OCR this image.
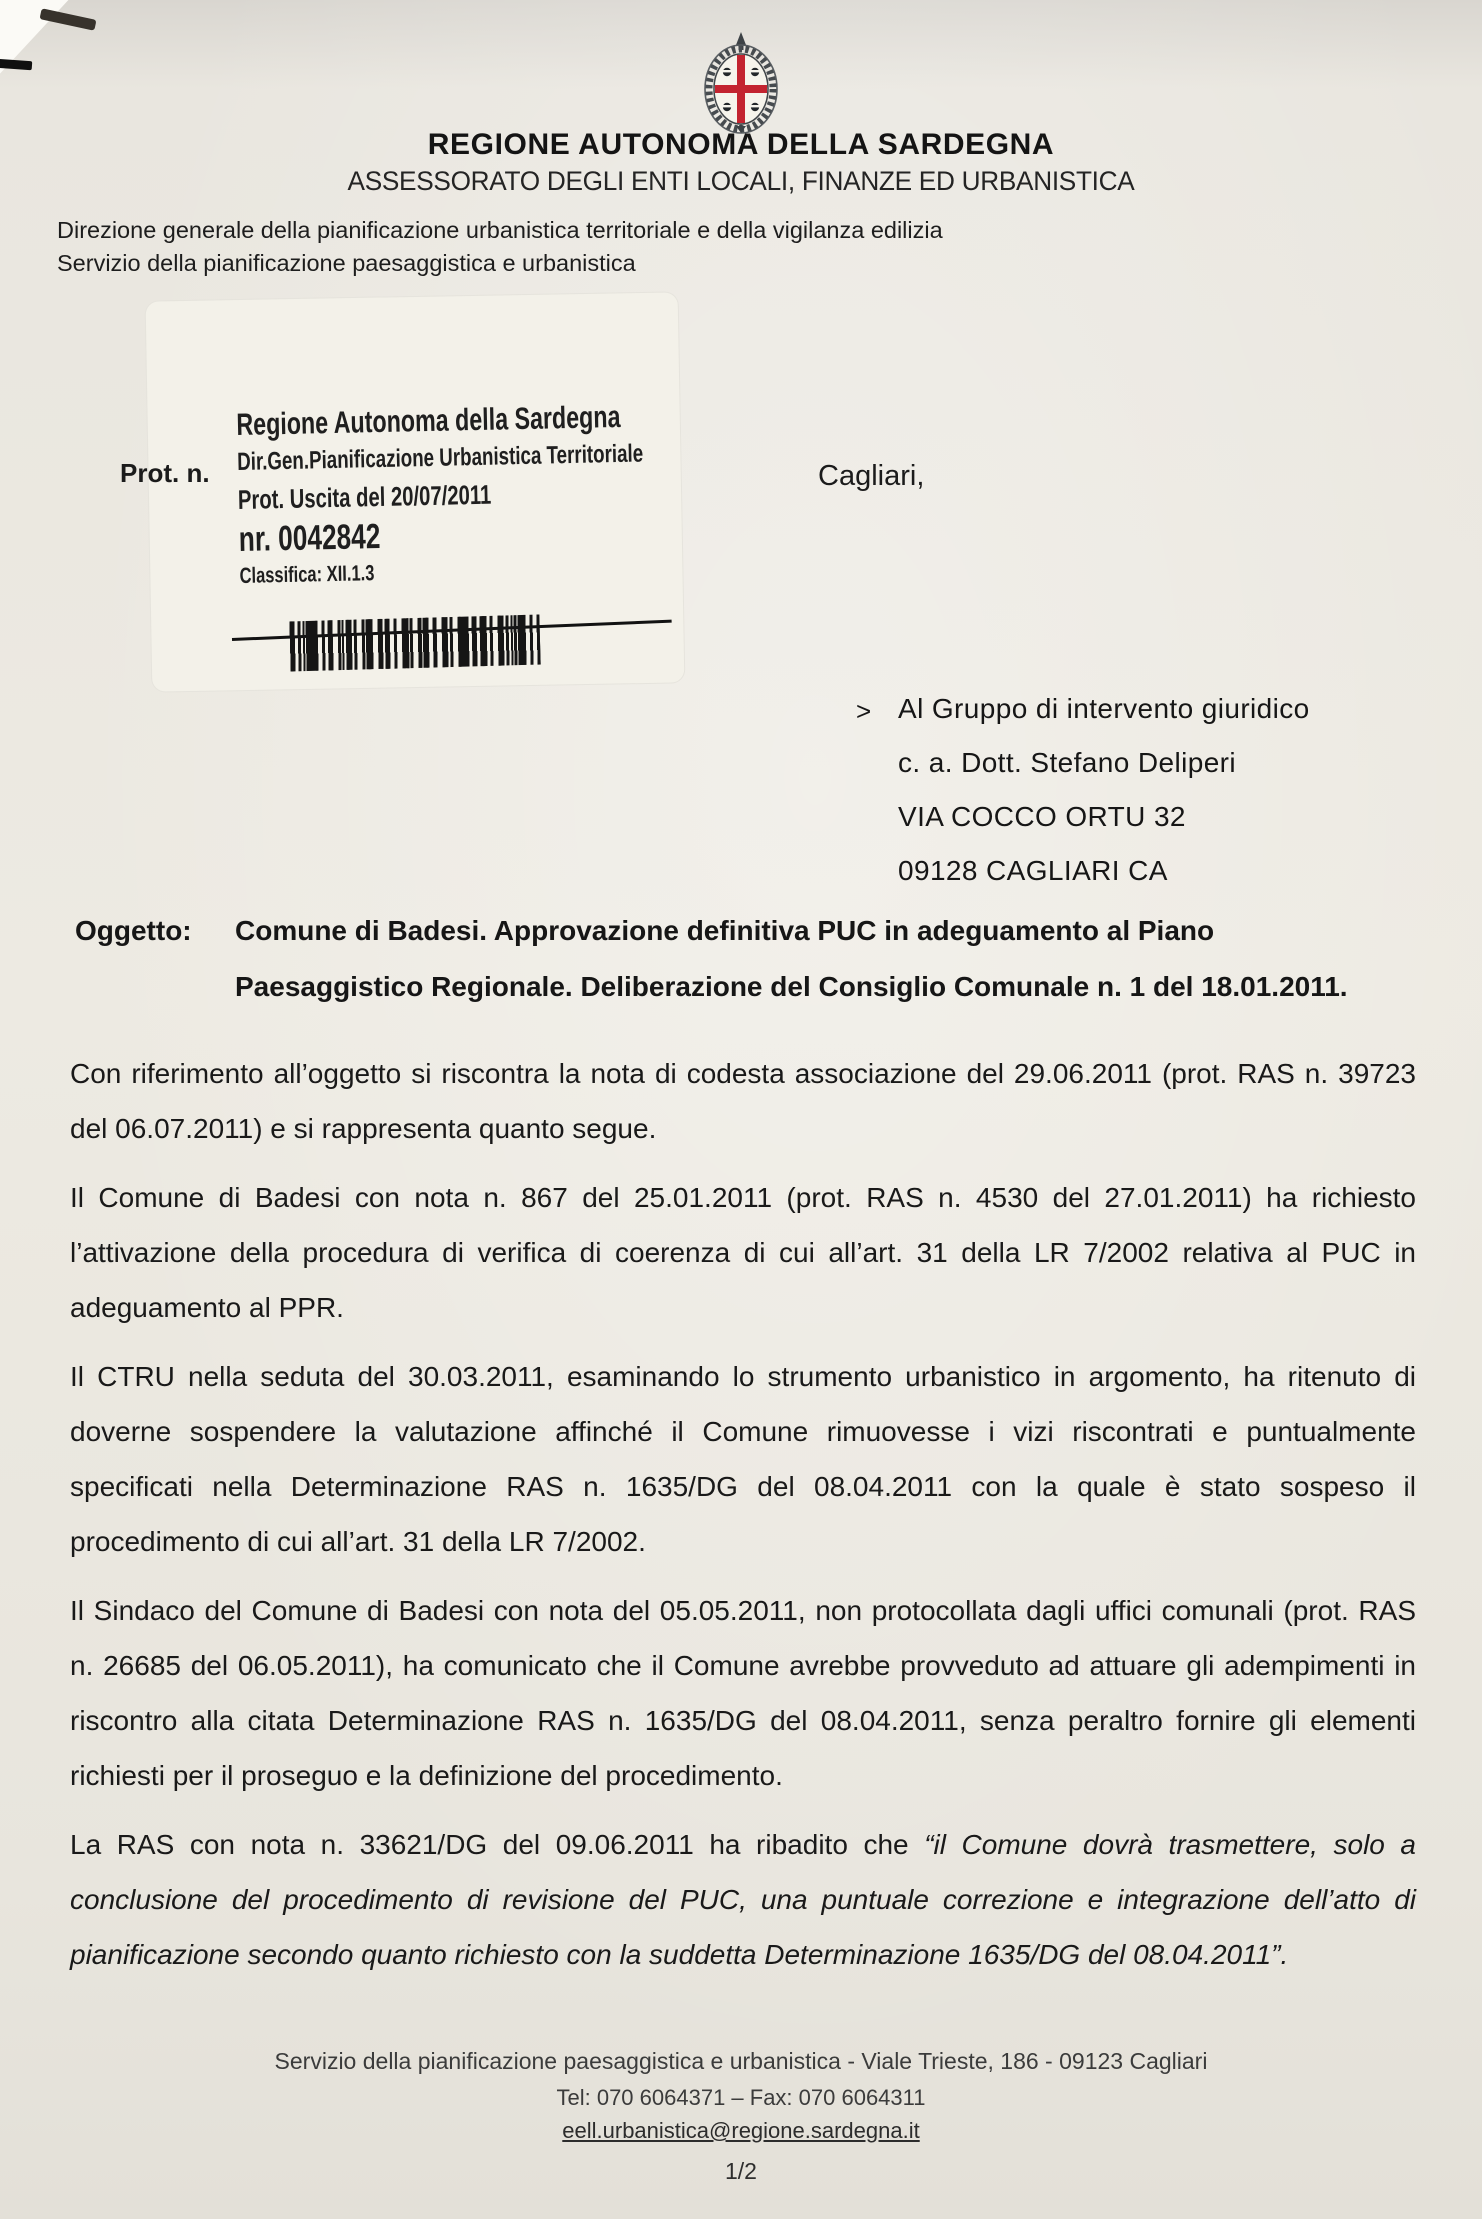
REGIONE AUTONOMA DELLA SARDEGNA
ASSESSORATO DEGLI ENTI LOCALI, FINANZE ED URBANISTICA
Direzione generale della pianificazione urbanistica territoriale e della vigilanza edilizia
Servizio della pianificazione paesaggistica e urbanistica
Prot. n.
Regione Autonoma della Sardegna
Dir.Gen.Pianificazione Urbanistica Territoriale
Prot. Uscita del 20/07/2011
nr. 0042842
Classifica: XII.1.3
Cagliari,
> Al Gruppo di intervento giuridico
c. a. Dott. Stefano Deliperi
VIA COCCO ORTU 32
09128 CAGLIARI CA
Oggetto: Comune di Badesi. Approvazione definitiva PUC in adeguamento al Piano Paesaggistico Regionale. Deliberazione del Consiglio Comunale n. 1 del 18.01.2011.

Con riferimento all’oggetto si riscontra la nota di codesta associazione del 29.06.2011 (prot. RAS n. 39723 del 06.07.2011) e si rappresenta quanto segue.

Il Comune di Badesi con nota n. 867 del 25.01.2011 (prot. RAS n. 4530 del 27.01.2011) ha richiesto l’attivazione della procedura di verifica di coerenza di cui all’art. 31 della LR 7/2002 relativa al PUC in adeguamento al PPR.

Il CTRU nella seduta del 30.03.2011, esaminando lo strumento urbanistico in argomento, ha ritenuto di doverne sospendere la valutazione affinché il Comune rimuovesse i vizi riscontrati e puntualmente specificati nella Determinazione RAS n. 1635/DG del 08.04.2011 con la quale è stato sospeso il procedimento di cui all’art. 31 della LR 7/2002.

Il Sindaco del Comune di Badesi con nota del 05.05.2011, non protocollata dagli uffici comunali (prot. RAS n. 26685 del 06.05.2011), ha comunicato che il Comune avrebbe provveduto ad attuare gli adempimenti in riscontro alla citata Determinazione RAS n. 1635/DG del 08.04.2011, senza peraltro fornire gli elementi richiesti per il proseguo e la definizione del procedimento.

La RAS con nota n. 33621/DG del 09.06.2011 ha ribadito che “il Comune dovrà trasmettere, solo a conclusione del procedimento di revisione del PUC, una puntuale correzione e integrazione dell’atto di pianificazione secondo quanto richiesto con la suddetta Determinazione 1635/DG del 08.04.2011”.

Servizio della pianificazione paesaggistica e urbanistica - Viale Trieste, 186 - 09123 Cagliari
Tel: 070 6064371 – Fax: 070 6064311
eell.urbanistica@regione.sardegna.it
1/2
